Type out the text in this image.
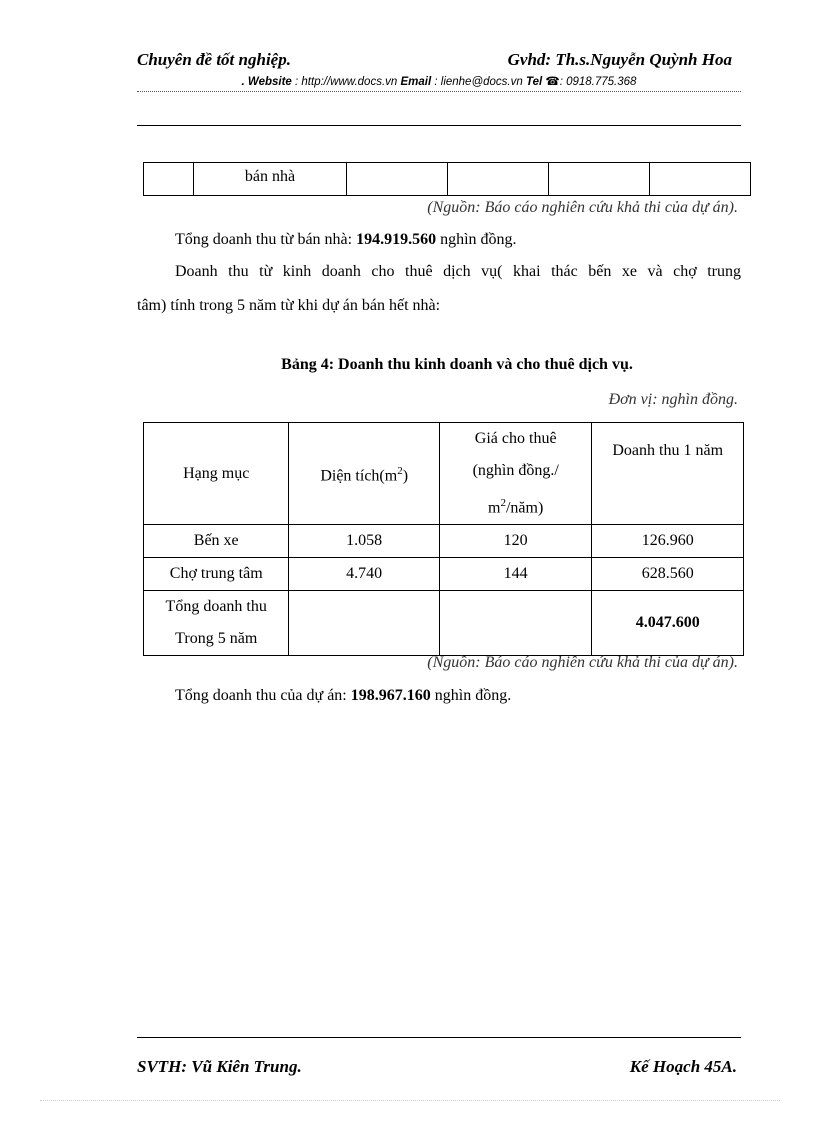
Chuyên đề tốt nghiệp.	Gvhd: Th.s.Nguyễn Quỳnh Hoa
. Website : http://www.docs.vn Email : lienhe@docs.vn Tel ☎: 0918.775.368
	bán nhà				
(Nguồn: Báo cáo nghiên cứu khả thi của dự án).
Tổng doanh thu từ bán nhà: 194.919.560 nghìn đồng.
Doanh thu từ kinh doanh cho thuê dịch vụ( khai thác bến xe và chợ trung
tâm) tính trong 5 năm từ khi dự án bán hết nhà:
Bảng 4: Doanh thu kinh doanh và cho thuê dịch vụ.
Đơn vị: nghìn đồng.
Hạng mục	Diện $tích(m^2)$	Giá cho thuê
(nghìn đồng./
$m^2/năm$)	Doanh thu 1 năm
Bến xe	1.058	120	126.960
Chợ trung tâm	4.740	144	628.560

Tổng doanh thu
Trong 5 năm			4.047.600
(Nguồn: Báo cáo nghiên cứu khả thi của dự án).
Tổng doanh thu của dự án: 198.967.160 nghìn đồng.
SVTH: Vũ Kiên Trung.	Kế Hoạch 45A.
